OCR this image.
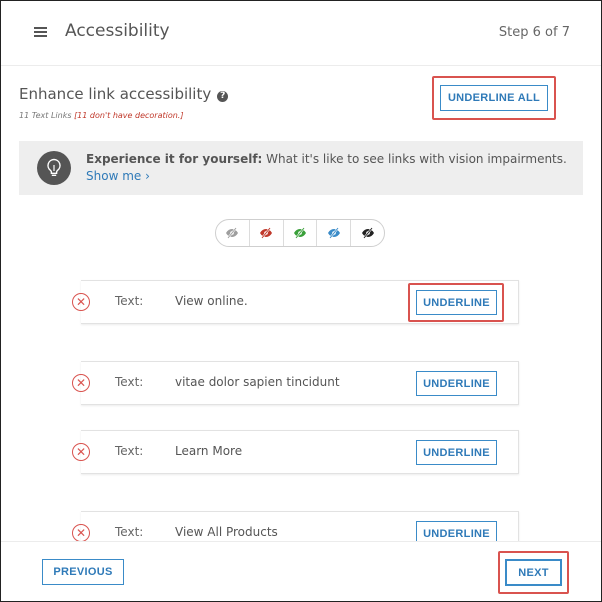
Accessibility	Step 6 of 7
Enhance link accessibility ?
11 Text Links [11 don't have decoration.]
UNDERLINE ALL
Experience it for yourself: What it's like to see links with vision impairments.
Show me ›
✕	Text:	View online.	UNDERLINE
✕	Text:	vitae dolor sapien tincidunt	UNDERLINE
✕	Text:	Learn More	UNDERLINE
✕	Text:	View All Products	UNDERLINE
PREVIOUS	NEXT
